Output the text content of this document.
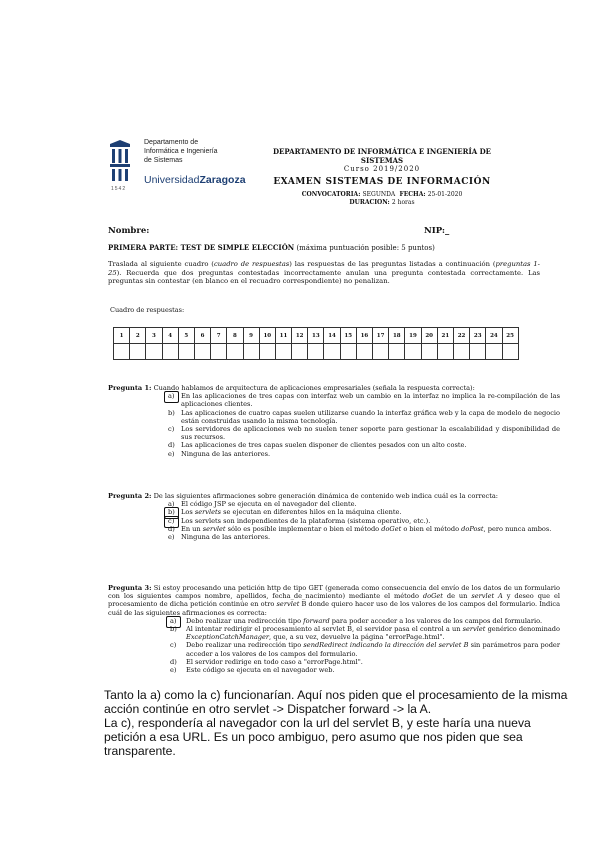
1542
Departamento de
Informática e Ingeniería
de Sistemas
UniversidadZaragoza
DEPARTAMENTO DE INFORMÁTICA E INGENIERÍA DE SISTEMAS
Curso 2019/2020
EXAMEN SISTEMAS DE INFORMACIÓN
CONVOCATORIA: SEGUNDA FECHA: 25-01-2020
DURACION: 2 horas
Nombre:	NIP:_
PRIMERA PARTE: TEST DE SIMPLE ELECCIÓN (máxima puntuación posible: 5 puntos)
Traslada al siguiente cuadro (cuadro de respuestas) las respuestas de las preguntas listadas a continuación (preguntas 1-25). Recuerda que dos preguntas contestadas incorrectamente anulan una pregunta contestada correctamente. Las preguntas sin contestar (en blanco en el recuadro correspondiente) no penalizan.
Cuadro de respuestas:
1	2	3	4	5	6	7	8	9	10	11	12	13	14	15	16	17	18	19	20	21	22	23	24	25

Pregunta 1: Cuando hablamos de arquitectura de aplicaciones empresariales (señala la respuesta correcta):
a) En las aplicaciones de tres capas con interfaz web un cambio en la interfaz no implica la re-compilación de las aplicaciones clientes.
b) Las aplicaciones de cuatro capas suelen utilizarse cuando la interfaz gráfica web y la capa de modelo de negocio están construidas usando la misma tecnología.
c) Los servidores de aplicaciones web no suelen tener soporte para gestionar la escalabilidad y disponibilidad de sus recursos.
d) Las aplicaciones de tres capas suelen disponer de clientes pesados con un alto coste.
e) Ninguna de las anteriores.
Pregunta 2: De las siguientes afirmaciones sobre generación dinámica de contenido web indica cuál es la correcta:
a) El código JSP se ejecuta en el navegador del cliente.
b) Los servlets se ejecutan en diferentes hilos en la máquina cliente.
c) Los servlets son independientes de la plataforma (sistema operativo, etc.).
d) En un servlet sólo es posible implementar o bien el método doGet o bien el método doPost, pero nunca ambos.
e) Ninguna de las anteriores.
Pregunta 3: Si estoy procesando una petición http de tipo GET (generada como consecuencia del envío de los datos de un formulario con los siguientes campos nombre, apellidos, fecha_de_nacimiento) mediante el método doGet de un servlet A y deseo que el procesamiento de dicha petición continúe en otro servlet B donde quiero hacer uso de los valores de los campos del formulario. Indica cuál de las siguientes afirmaciones es correcta:
a) Debo realizar una redirección tipo forward para poder acceder a los valores de los campos del formulario.
b) Al intentar redirigir el procesamiento al servlet B, el servidor pasa el control a un servlet genérico denominado ExceptionCatchManager, que, a su vez, devuelve la página "errorPage.html".
c) Debo realizar una redirección tipo sendRedirect indicando la dirección del servlet B sin parámetros para poder acceder a los valores de los campos del formulario.
d) El servidor redirige en todo caso a "errorPage.html".
e) Este código se ejecuta en el navegador web.
Tanto la a) como la c) funcionarían. Aquí nos piden que el procesamiento de la misma acción continúe en otro servlet -> Dispatcher forward -> la A.
La c), respondería al navegador con la url del servlet B, y este haría una nueva petición a esa URL. Es un poco ambiguo, pero asumo que nos piden que sea transparente.
